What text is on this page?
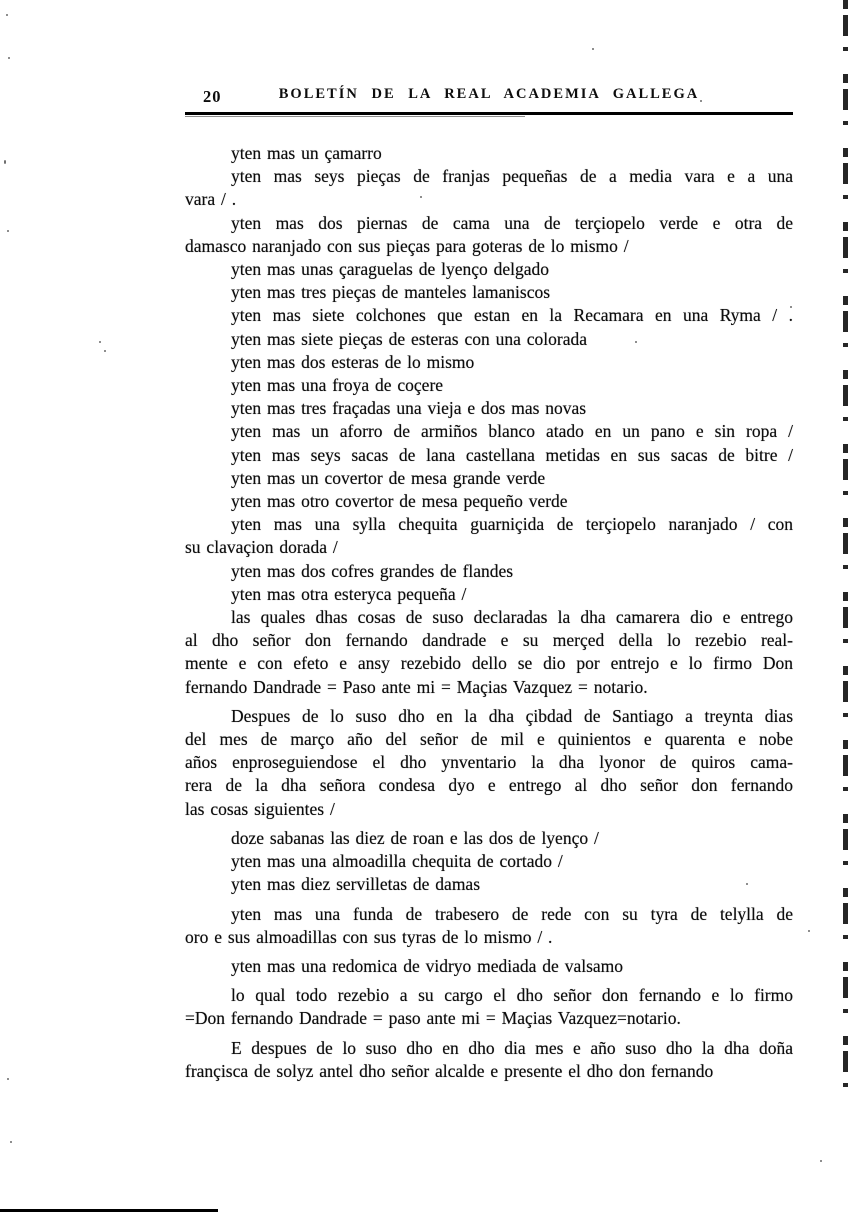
20	BOLETÍN DE LA REAL ACADEMIA GALLEGA
yten mas un çamarro
yten mas seys pieças de franjas pequeñas de a media vara e a una
vara / .
yten mas dos piernas de cama una de terçiopelo verde e otra de
damasco naranjado con sus pieças para goteras de lo mismo /
yten mas unas çaraguelas de lyenço delgado
yten mas tres pieças de manteles lamaniscos
yten mas siete colchones que estan en la Recamara en una Ryma / .
yten mas siete pieças de esteras con una colorada
yten mas dos esteras de lo mismo
yten mas una froya de coçere
yten mas tres fraçadas una vieja e dos mas novas
yten mas un aforro de armiños blanco atado en un pano e sin ropa /
yten mas seys sacas de lana castellana metidas en sus sacas de bitre /
yten mas un covertor de mesa grande verde
yten mas otro covertor de mesa pequeño verde
yten mas una sylla chequita guarniçida de terçiopelo naranjado / con
su clavaçion dorada /
yten mas dos cofres grandes de flandes
yten mas otra esteryca pequeña /
las quales dhas cosas de suso declaradas la dha camarera dio e entrego
al dho señor don fernando dandrade e su merçed della lo rezebio real-
mente e con efeto e ansy rezebido dello se dio por entrejo e lo firmo Don
fernando Dandrade = Paso ante mi = Maçias Vazquez = notario.
Despues de lo suso dho en la dha çibdad de Santiago a treynta dias
del mes de março año del señor de mil e quinientos e quarenta e nobe
años enproseguiendose el dho ynventario la dha lyonor de quiros cama-
rera de la dha señora condesa dyo e entrego al dho señor don fernando
las cosas siguientes /
doze sabanas las diez de roan e las dos de lyenço /
yten mas una almoadilla chequita de cortado /
yten mas diez servilletas de damas
yten mas una funda de trabesero de rede con su tyra de telylla de
oro e sus almoadillas con sus tyras de lo mismo / .
yten mas una redomica de vidryo mediada de valsamo
lo qual todo rezebio a su cargo el dho señor don fernando e lo firmo
=Don fernando Dandrade = paso ante mi = Maçias Vazquez=notario.
E despues de lo suso dho en dho dia mes e año suso dho la dha doña
françisca de solyz antel dho señor alcalde e presente el dho don fernando
